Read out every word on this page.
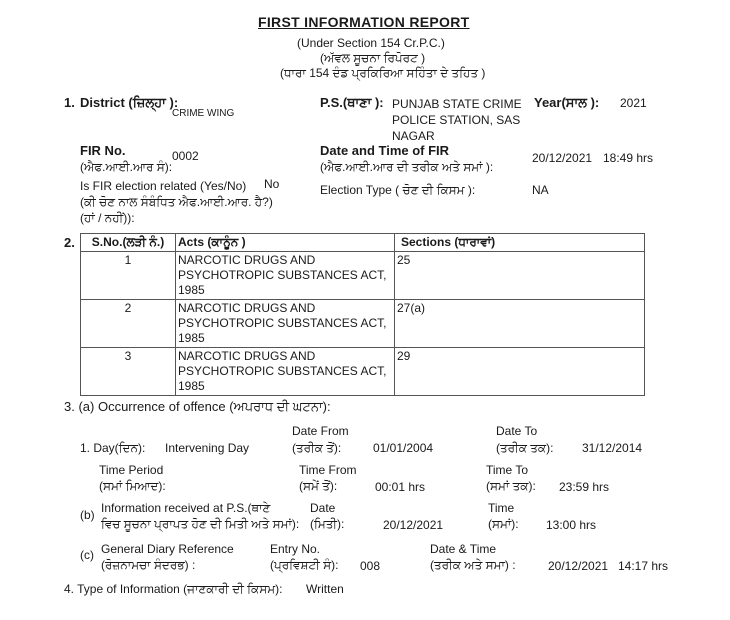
FIRST INFORMATION REPORT
(Under Section 154 Cr.P.C.)
(ਅੱਵਲ ਸੂਚਨਾ ਰਿਪੋਰਟ )
(ਧਾਰਾ 154 ਦੰਡ ਪ੍ਰਕਿਰਿਆ ਸਹਿੰਤਾ ਦੇ ਤਹਿਤ )
1. District (ਜ਼ਿਲ੍ਹਾ ):
CRIME WING
P.S.(ਥਾਣਾ ): PUNJAB STATE CRIME POLICE STATION, SAS NAGAR
Year(ਸਾਲ ): 2021
FIR No.
(ਐਫ.ਆਈ.ਆਰ ਸੰ):
0002	Date and Time of FIR
(ਐਫ.ਆਈ.ਆਰ ਦੀ ਤਰੀਕ ਅਤੇ ਸਮਾਂ ):
20/12/2021 18:49 hrs
Is FIR election related (Yes/No)
(ਕੀ ਚੋਣ ਨਾਲ ਸੰਬੰਧਿਤ ਐਫ.ਆਈ.ਆਰ. ਹੈ?)
(ਹਾਂ / ਨਹੀਂ)):
No	Election Type ( ਚੋਣ ਦੀ ਕਿਸਮ ):	NA
2. S.No.(ਲੜੀ ਨੰ.)	Acts (ਕਾਨੂੰਨ )	Sections (ਧਾਰਾਵਾਂ)
1	NARCOTIC DRUGS AND PSYCHOTROPIC SUBSTANCES ACT, 1985	25
2	NARCOTIC DRUGS AND PSYCHOTROPIC SUBSTANCES ACT, 1985	27(a)
3	NARCOTIC DRUGS AND PSYCHOTROPIC SUBSTANCES ACT, 1985	29
3. (a) Occurrence of offence (ਅਪਰਾਧ ਦੀ ਘਟਨਾ):
Date From	Date To
1. Day(ਦਿਨ): Intervening Day	(ਤਰੀਕ ਤੋਂ):	01/01/2004	(ਤਰੀਕ ਤਕ): 31/12/2014
Time Period
(ਸਮਾਂ ਮਿਆਦ):
Time From
(ਸਮੇਂ ਤੋਂ):	00:01 hrs
Time To
(ਸਮਾਂ ਤਕ): 23:59 hrs
(b) Information received at P.S.(ਥਾਣੇ
ਵਿਚ ਸੂਚਨਾ ਪ੍ਰਾਪਤ ਹੋਣ ਦੀ ਮਿਤੀ ਅਤੇ ਸਮਾਂ):
Date
(ਮਿਤੀ):	20/12/2021
Time
(ਸਮਾਂ): 13:00 hrs
(c) General Diary Reference
(ਰੋਜ਼ਨਾਮਚਾ ਸੰਦਰਭ) :
Entry No.
(ਪ੍ਰਵਿਸ਼ਟੀ ਸੰ): 008
Date & Time
(ਤਰੀਕ ਅਤੇ ਸਮਾ) :	20/12/2021 14:17 hrs
4. Type of Information (ਜਾਣਕਾਰੀ ਦੀ ਕਿਸਮ): Written
